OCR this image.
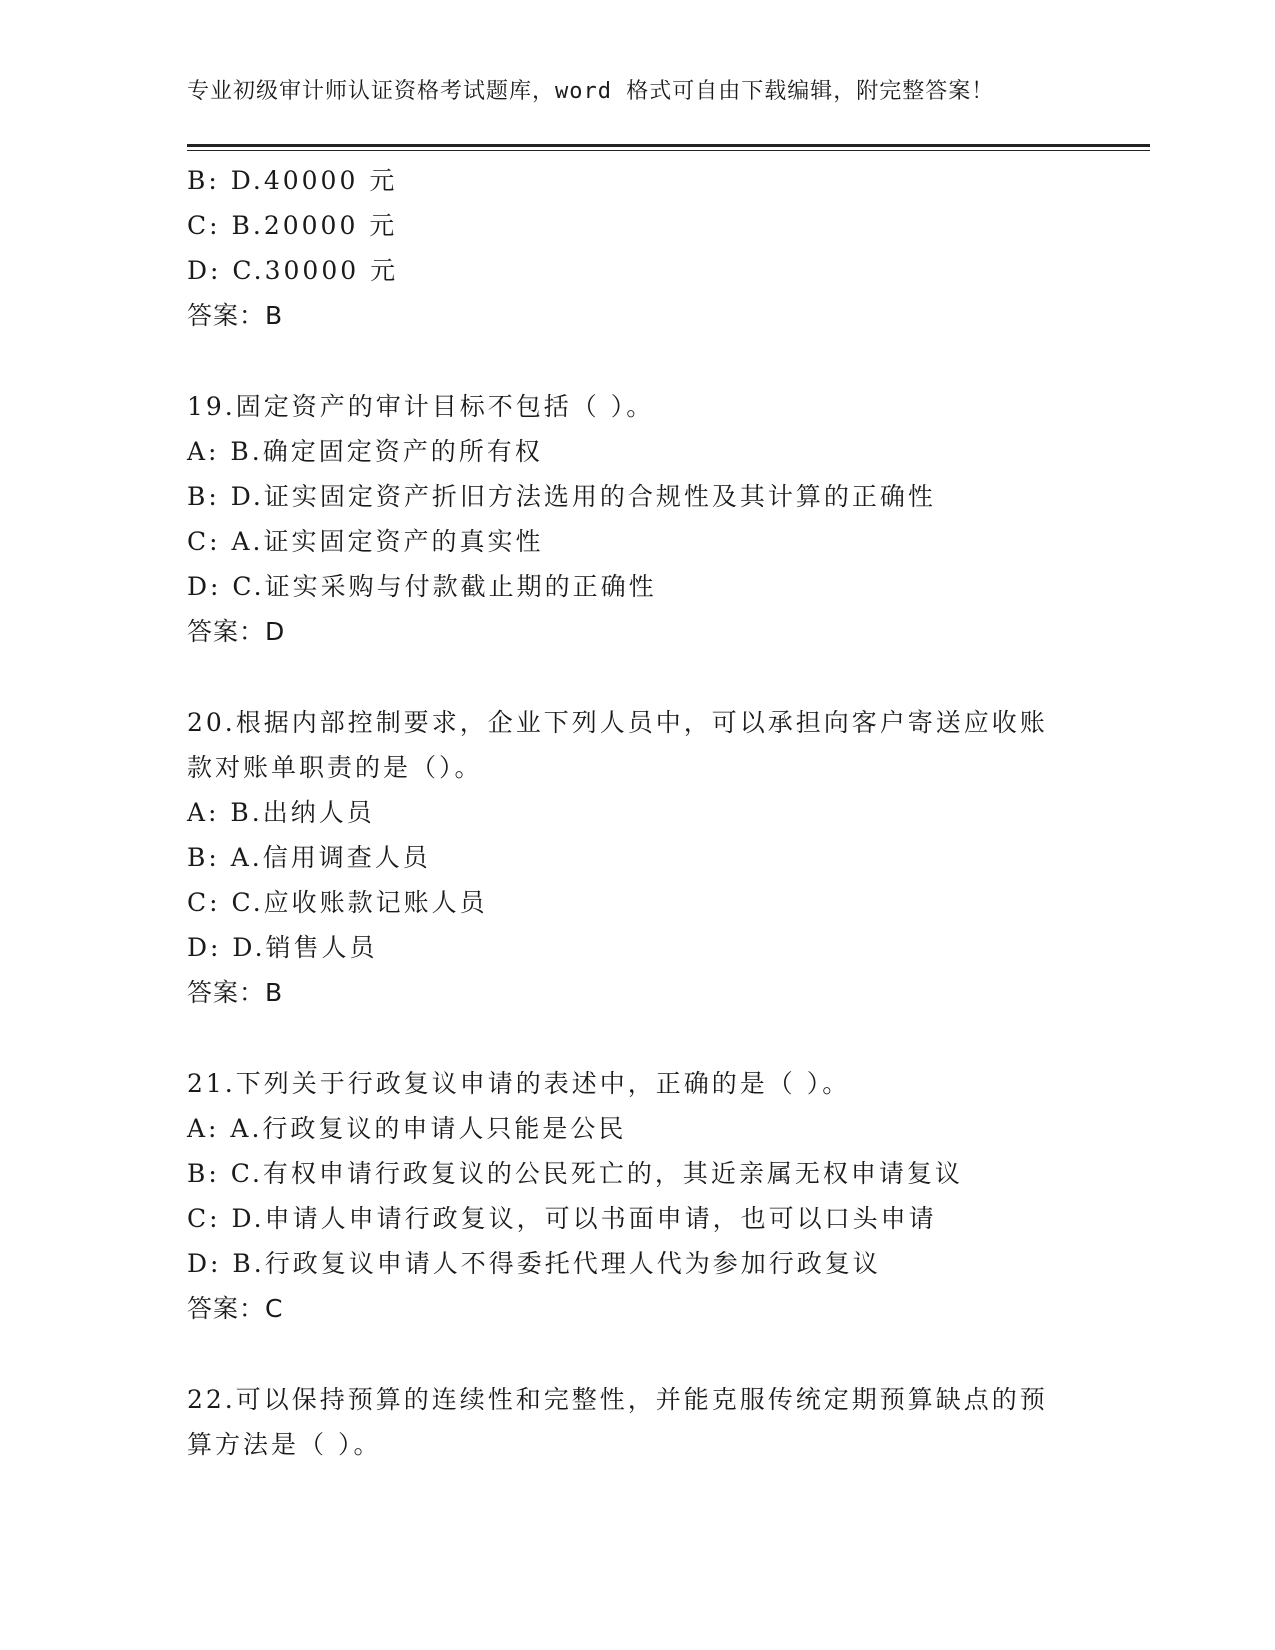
专业初级审计师认证资格考试题库，word 格式可自由下载编辑，附完整答案！
B: D.40000 元
C: B.20000 元
D: C.30000 元
答案：B
19.固定资产的审计目标不包括（ ）。
A: B.确定固定资产的所有权
B: D.证实固定资产折旧方法选用的合规性及其计算的正确性
C: A.证实固定资产的真实性
D: C.证实采购与付款截止期的正确性
答案：D
20.根据内部控制要求，企业下列人员中，可以承担向客户寄送应收账
款对账单职责的是（）。
A: B.出纳人员
B: A.信用调查人员
C: C.应收账款记账人员
D: D.销售人员
答案：B
21.下列关于行政复议申请的表述中，正确的是（ ）。
A: A.行政复议的申请人只能是公民
B: C.有权申请行政复议的公民死亡的，其近亲属无权申请复议
C: D.申请人申请行政复议，可以书面申请，也可以口头申请
D: B.行政复议申请人不得委托代理人代为参加行政复议
答案：C
22.可以保持预算的连续性和完整性，并能克服传统定期预算缺点的预
算方法是（ ）。
